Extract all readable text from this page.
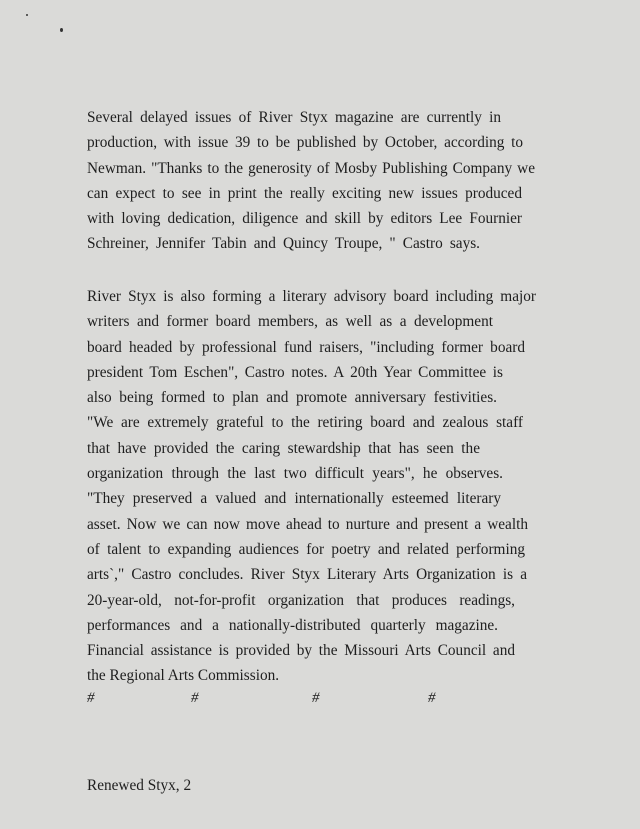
Several delayed issues of River Styx magazine are currently in
production, with issue 39 to be published by October, according to
Newman. "Thanks to the generosity of Mosby Publishing Company we
can expect to see in print the really exciting new issues produced
with loving dedication, diligence and skill by editors Lee Fournier
Schreiner, Jennifer Tabin and Quincy Troupe, " Castro says.
River Styx is also forming a literary advisory board including major
writers and former board members, as well as a development
board headed by professional fund raisers, "including former board
president Tom Eschen", Castro notes. A 20th Year Committee is
also being formed to plan and promote anniversary festivities.
"We are extremely grateful to the retiring board and zealous staff
that have provided the caring stewardship that has seen the
organization through the last two difficult years", he observes.
"They preserved a valued and internationally esteemed literary
asset. Now we can now move ahead to nurture and present a wealth
of talent to expanding audiences for poetry and related performing
arts`," Castro concludes. River Styx Literary Arts Organization is a
20-year-old, not-for-profit organization that produces readings,
performances and a nationally-distributed quarterly magazine.
Financial assistance is provided by the Missouri Arts Council and
the Regional Arts Commission.
#	#	#	#
Renewed Styx, 2
